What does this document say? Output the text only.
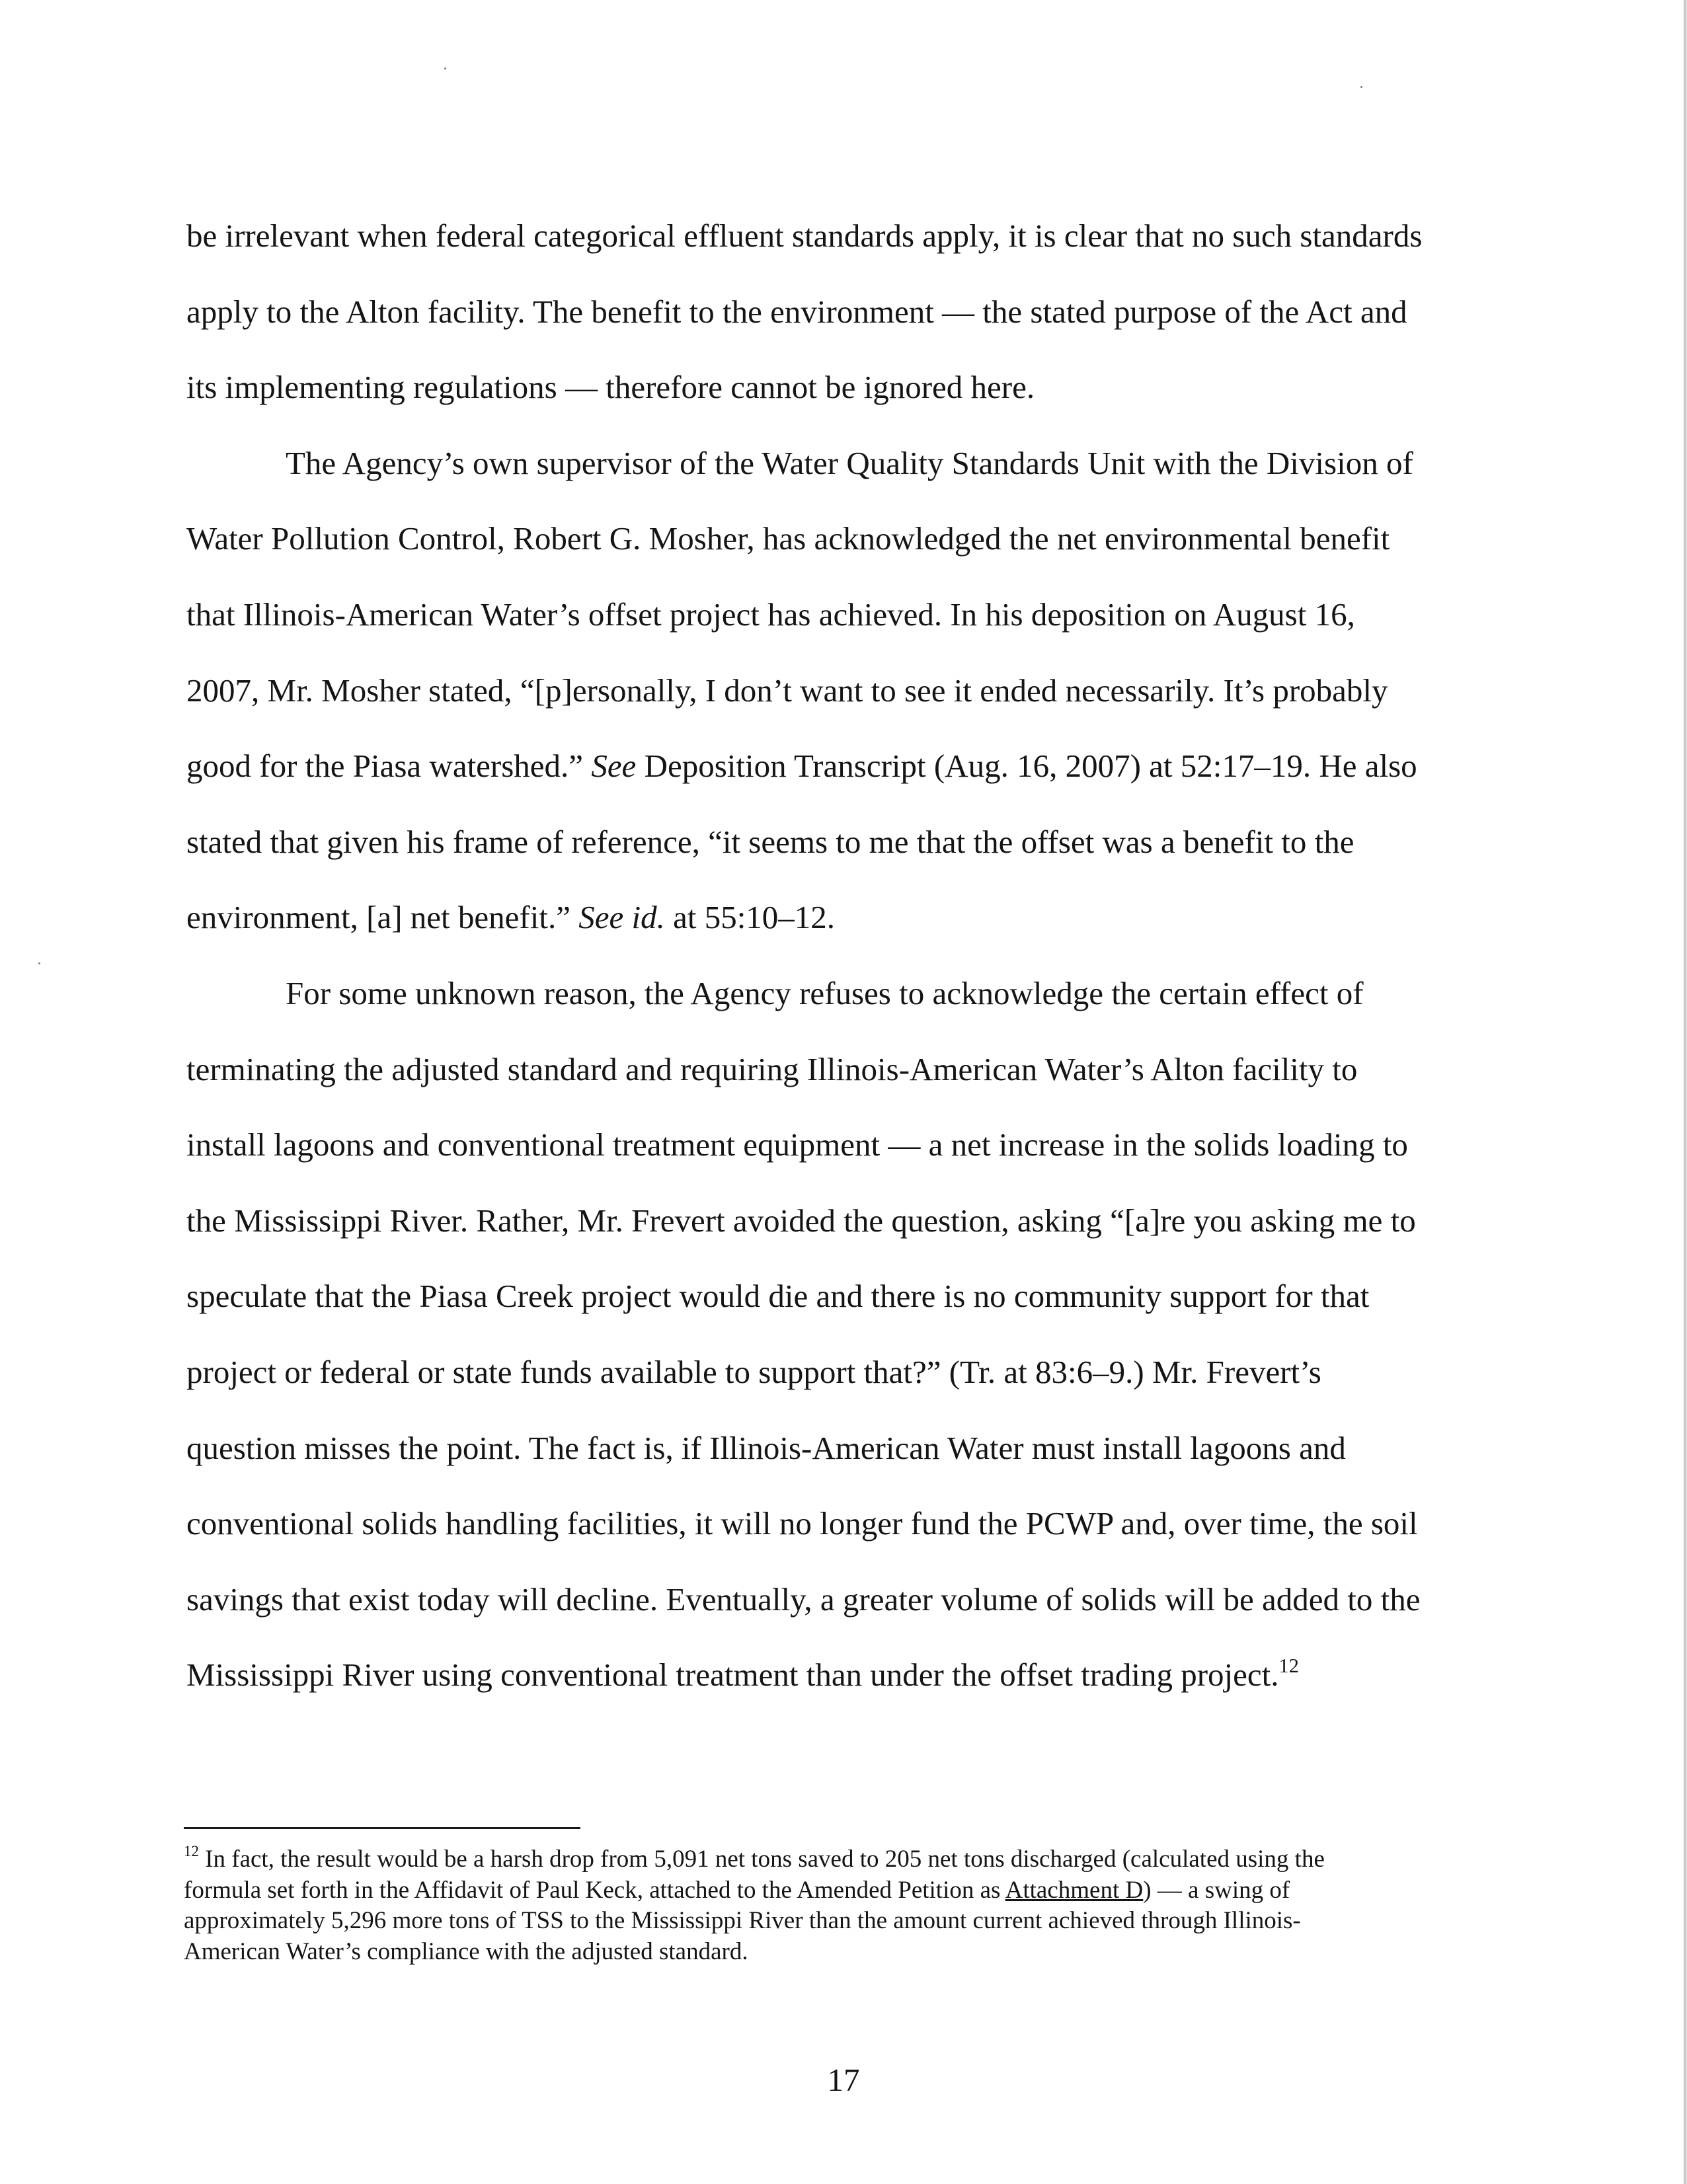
be irrelevant when federal categorical effluent standards apply, it is clear that no such standards
apply to the Alton facility. The benefit to the environment — the stated purpose of the Act and
its implementing regulations — therefore cannot be ignored here.
The Agency’s own supervisor of the Water Quality Standards Unit with the Division of
Water Pollution Control, Robert G. Mosher, has acknowledged the net environmental benefit
that Illinois-American Water’s offset project has achieved. In his deposition on August 16,
2007, Mr. Mosher stated, “[p]ersonally, I don’t want to see it ended necessarily. It’s probably
good for the Piasa watershed.” See Deposition Transcript (Aug. 16, 2007) at 52:17–19. He also
stated that given his frame of reference, “it seems to me that the offset was a benefit to the
environment, [a] net benefit.” See id. at 55:10–12.
For some unknown reason, the Agency refuses to acknowledge the certain effect of
terminating the adjusted standard and requiring Illinois-American Water’s Alton facility to
install lagoons and conventional treatment equipment — a net increase in the solids loading to
the Mississippi River. Rather, Mr. Frevert avoided the question, asking “[a]re you asking me to
speculate that the Piasa Creek project would die and there is no community support for that
project or federal or state funds available to support that?” (Tr. at 83:6–9.) Mr. Frevert’s
question misses the point. The fact is, if Illinois-American Water must install lagoons and
conventional solids handling facilities, it will no longer fund the PCWP and, over time, the soil
savings that exist today will decline. Eventually, a greater volume of solids will be added to the
Mississippi River using conventional treatment than under the offset trading project.$^{12}$
$^{12}$ In fact, the result would be a harsh drop from 5,091 net tons saved to 205 net tons discharged (calculated using the
formula set forth in the Affidavit of Paul Keck, attached to the Amended Petition as Attachment D) — a swing of
approximately 5,296 more tons of TSS to the Mississippi River than the amount current achieved through Illinois-
American Water’s compliance with the adjusted standard.
17
